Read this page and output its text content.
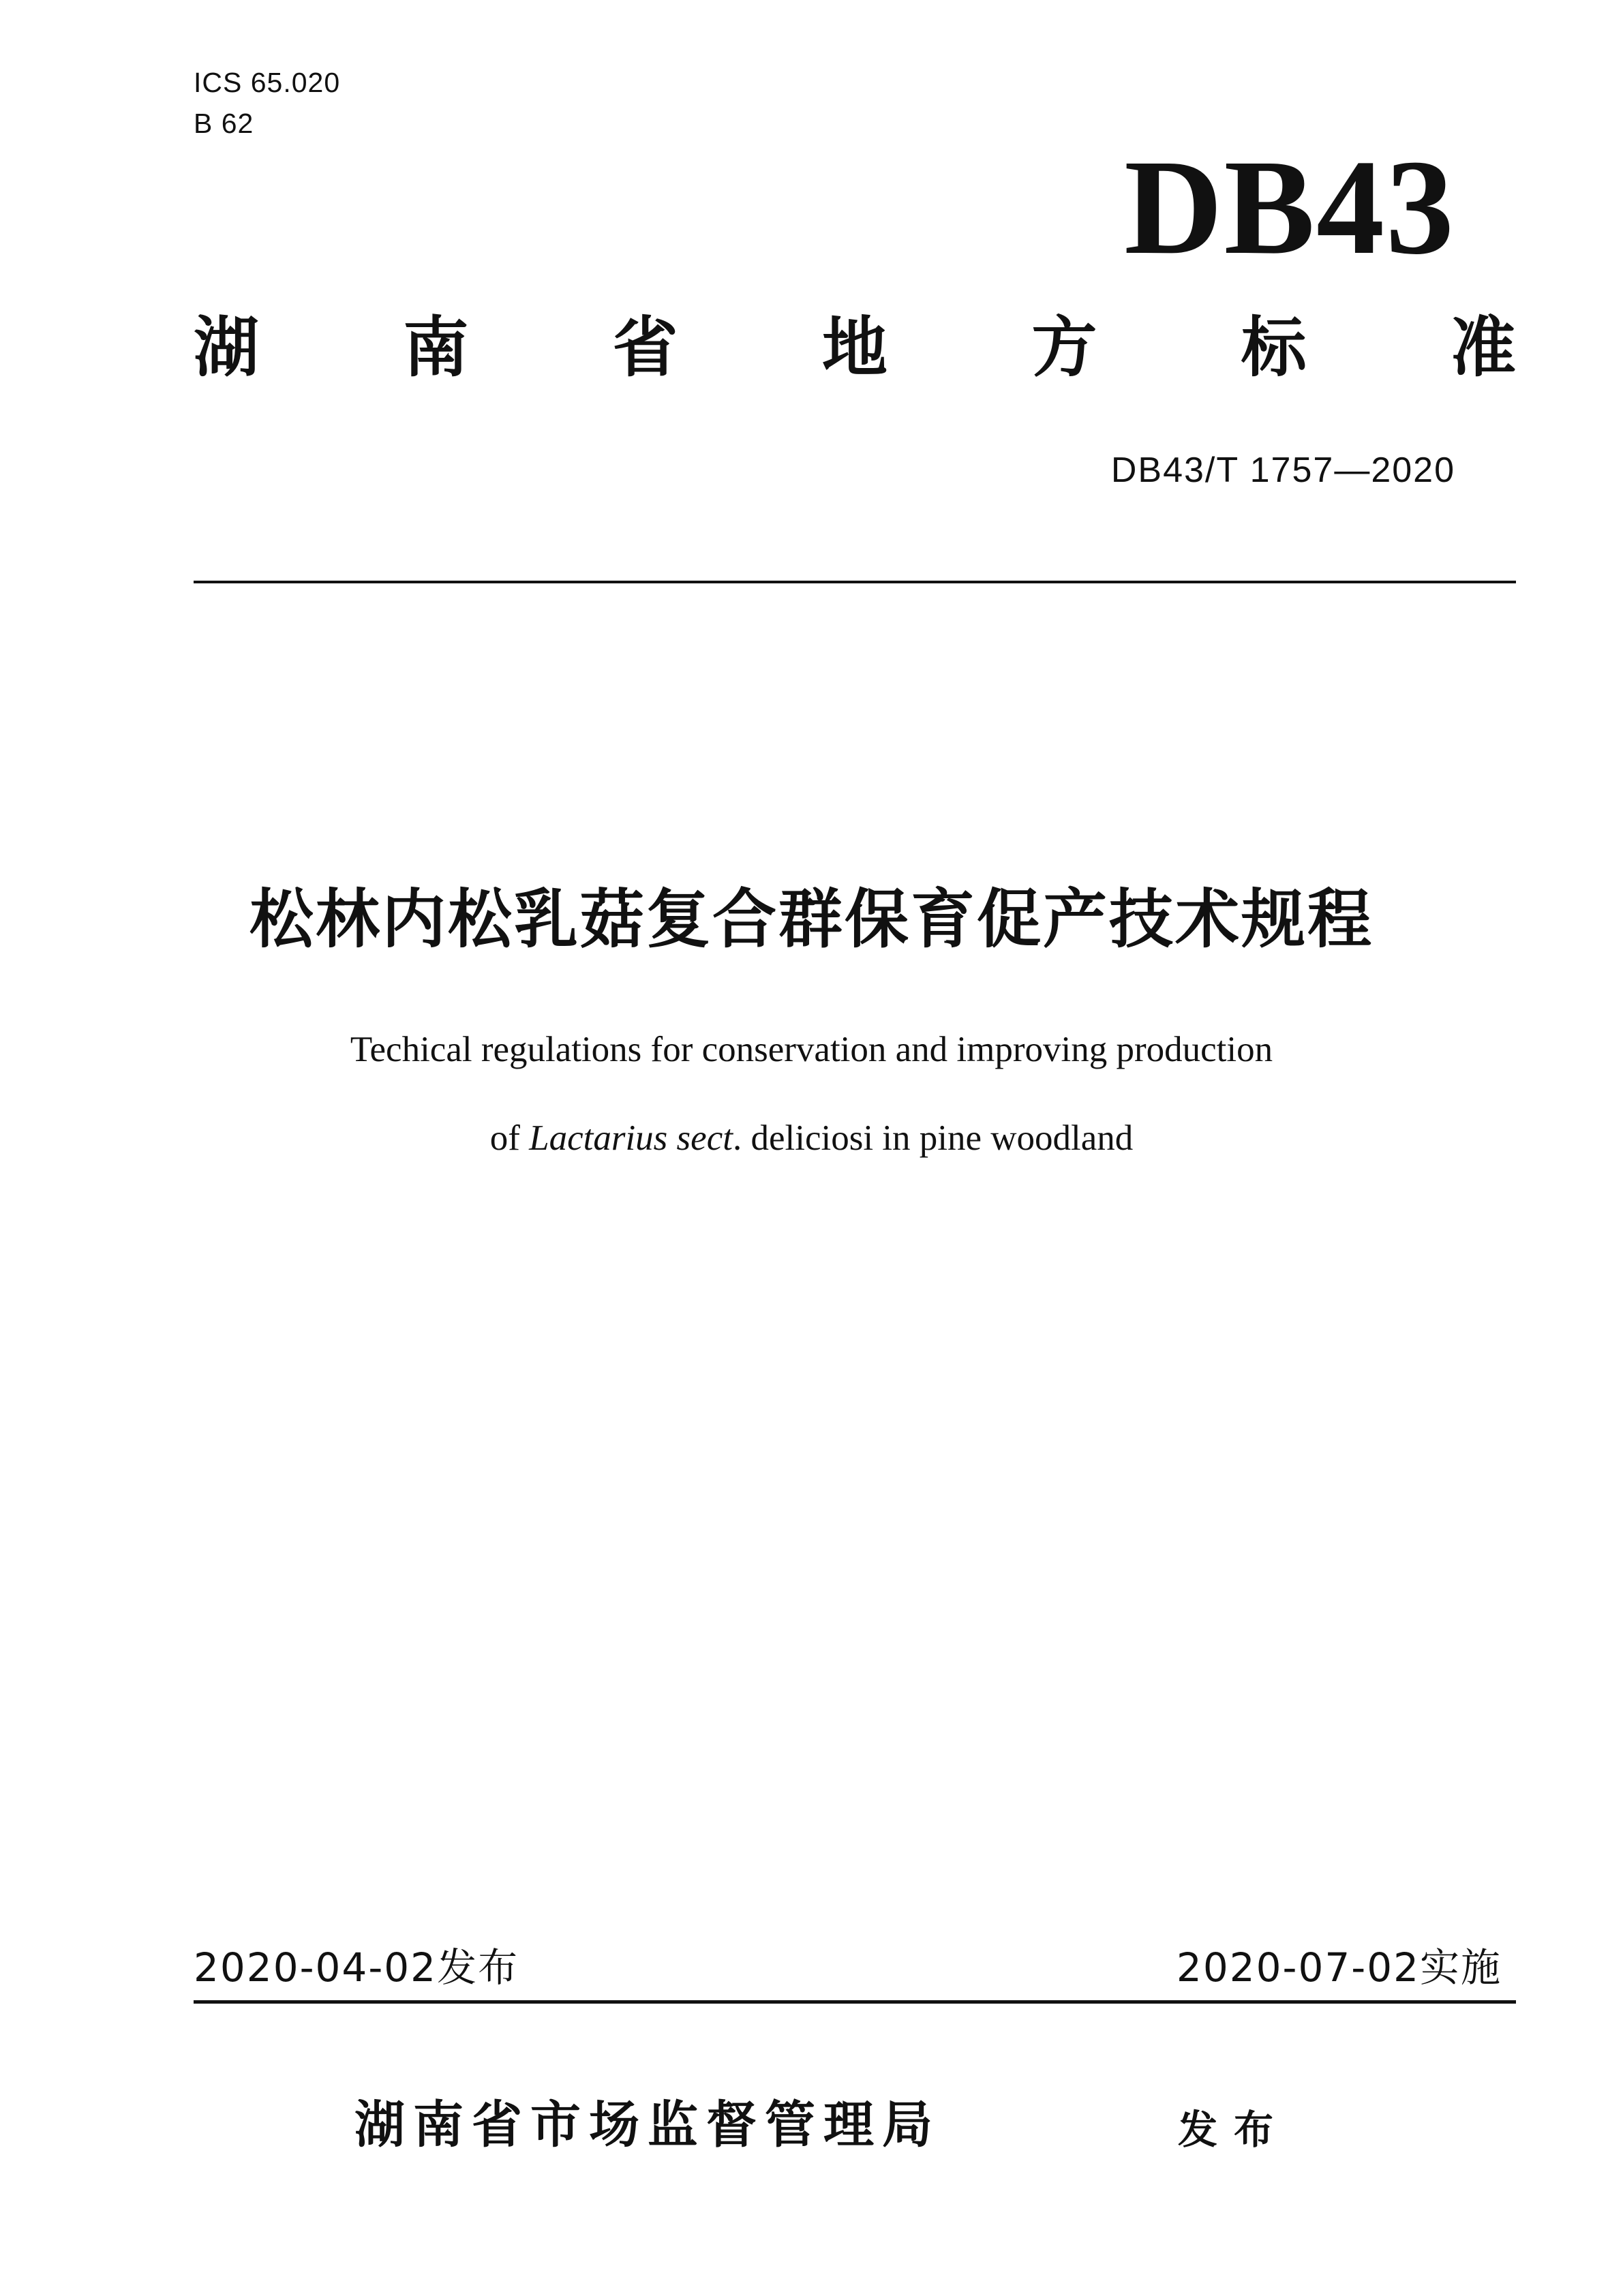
ICS 65.020
B 62
DB43
湖 南 省 地 方 标 准
DB43/T 1757—2020
松林内松乳菇复合群保育促产技术规程
Techical regulations for conservation and improving production
of Lactarius sect. deliciosi in pine woodland
2020-04-02发布	2020-07-02实施
湖南省市场监督管理局	发布
